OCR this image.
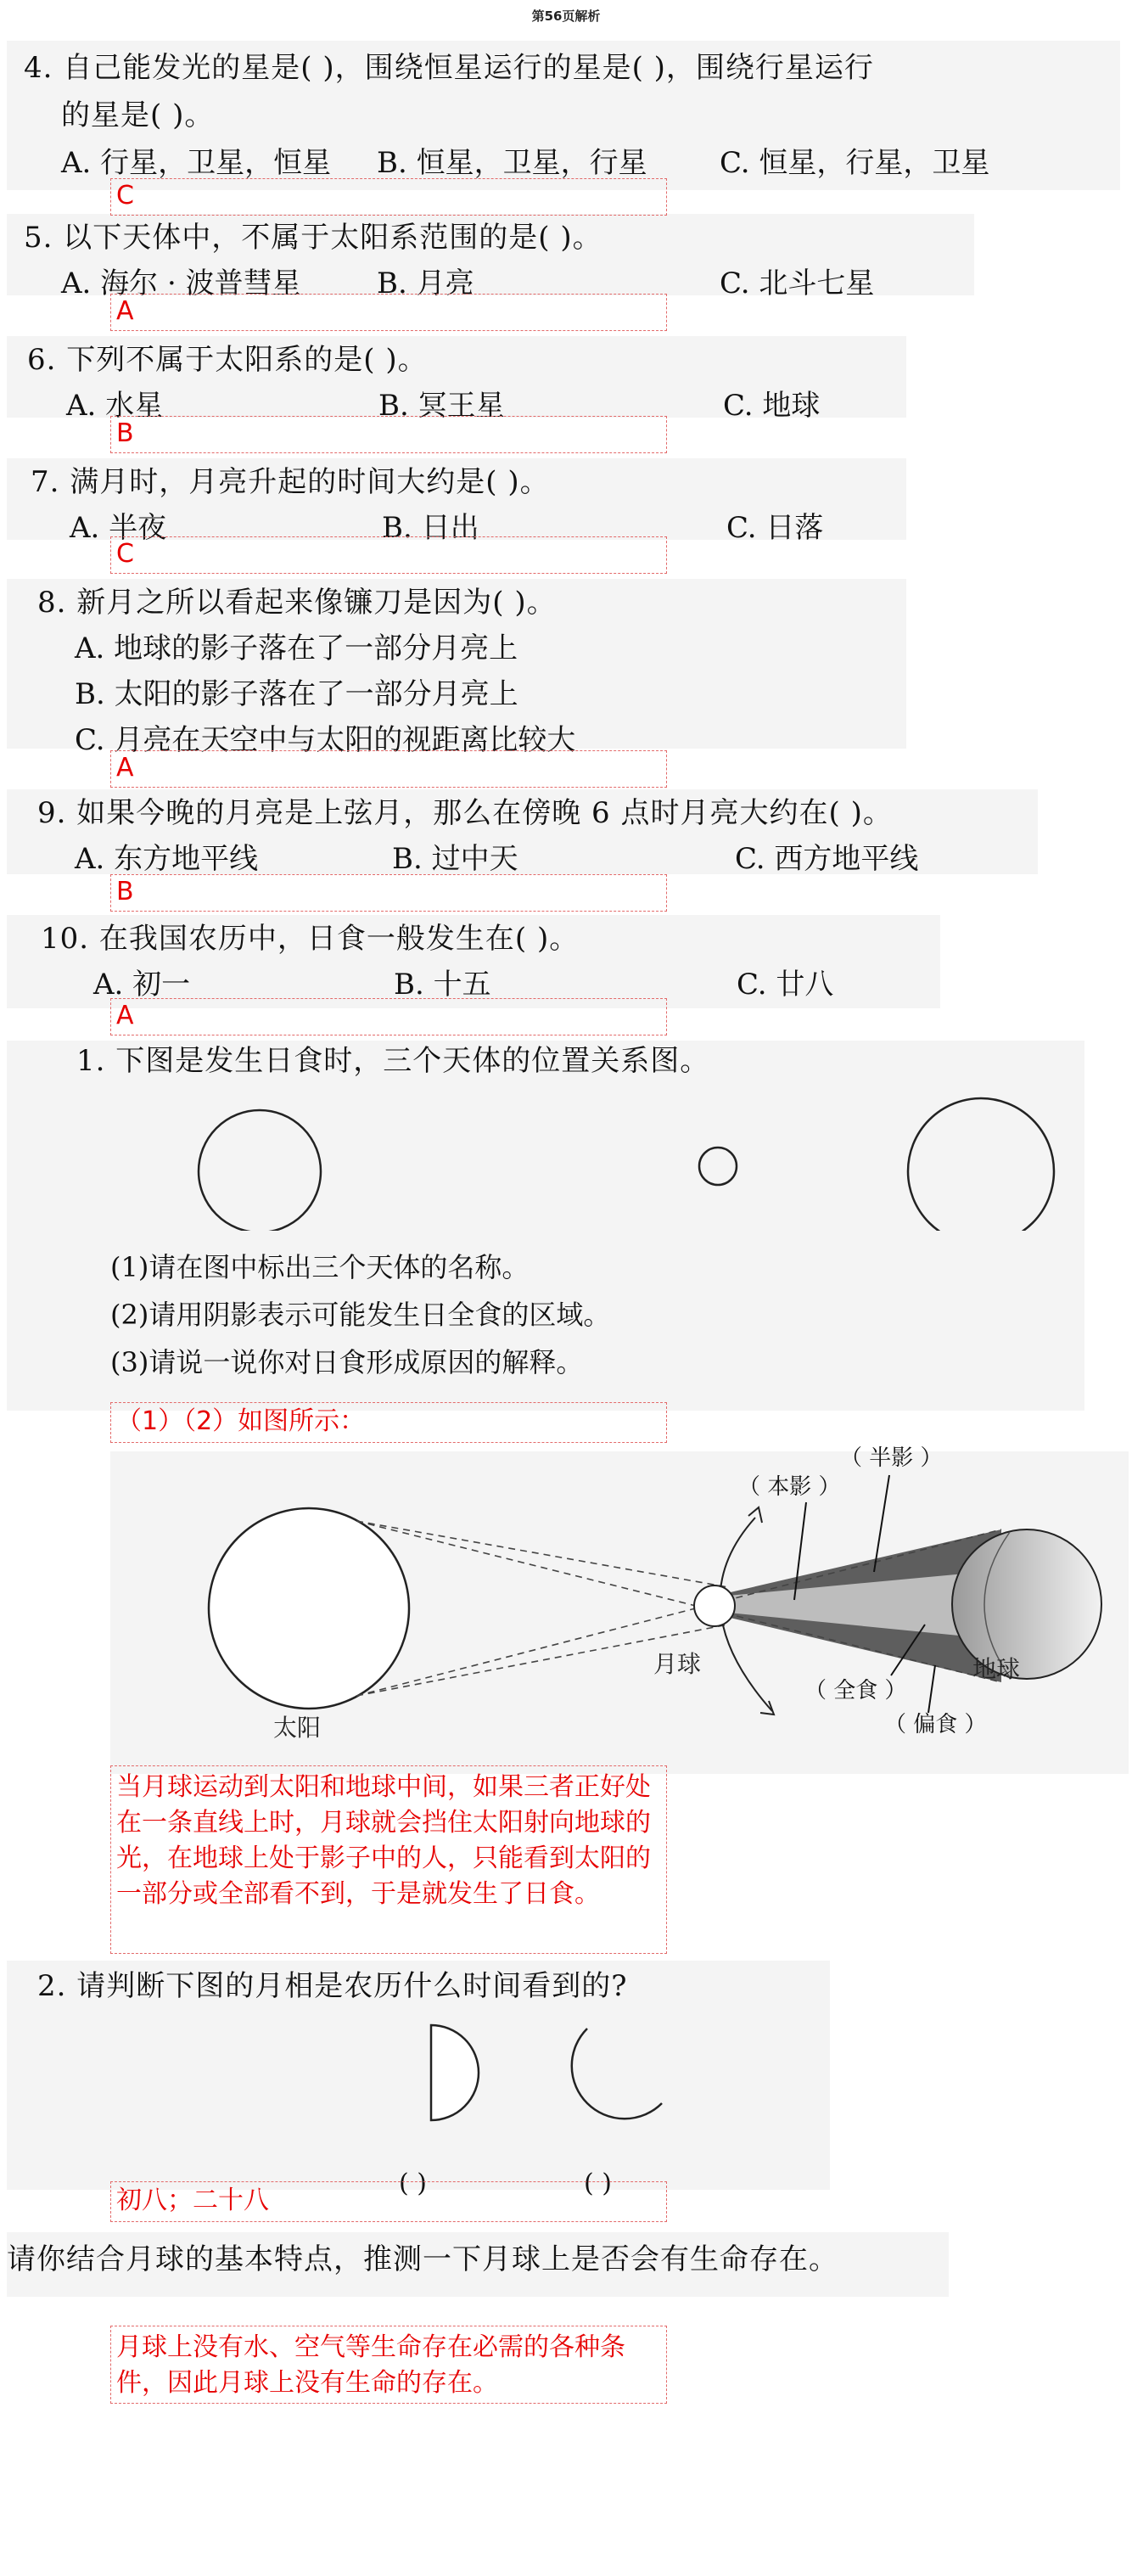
第56页解析
4. 自己能发光的星是( )，围绕恒星运行的星是( )，围绕行星运行
的星是( )。
A. 行星，卫星，恒星 B. 恒星，卫星，行星	C. 恒星，行星，卫星
C
5. 以下天体中，不属于太阳系范围的是( )。
A. 海尔 · 波普彗星	B. 月亮	C. 北斗七星
A
6. 下列不属于太阳系的是( )。
A. 水星	B. 冥王星	C. 地球
B
7. 满月时，月亮升起的时间大约是( )。
A. 半夜	B. 日出	C. 日落
C
8. 新月之所以看起来像镰刀是因为( )。
A. 地球的影子落在了一部分月亮上
B. 太阳的影子落在了一部分月亮上
C. 月亮在天空中与太阳的视距离比较大
A
9. 如果今晚的月亮是上弦月，那么在傍晚 6 点时月亮大约在( )。
A. 东方地平线	B. 过中天	C. 西方地平线
B
10. 在我国农历中，日食一般发生在( )。
A. 初一	B. 十五	C. 廿八
A
1. 下图是发生日食时，三个天体的位置关系图。
(1)请在图中标出三个天体的名称。
(2)请用阴影表示可能发生日全食的区域。
(3)请说一说你对日食形成原因的解释。
（1）（2）如图所示：
太阳
地球
月球
（ 本影 ）
（ 半影 ）
（ 全食 ）
（ 偏食 ）
当月球运动到太阳和地球中间，如果三者正好处在一条直线上时，月球就会挡住太阳射向地球的光，在地球上处于影子中的人，只能看到太阳的一部分或全部看不到，于是就发生了日食。
2. 请判断下图的月相是农历什么时间看到的?
( )	( )
初八；二十八
请你结合月球的基本特点，推测一下月球上是否会有生命存在。
月球上没有水、空气等生命存在必需的各种条件，因此月球上没有生命的存在。
